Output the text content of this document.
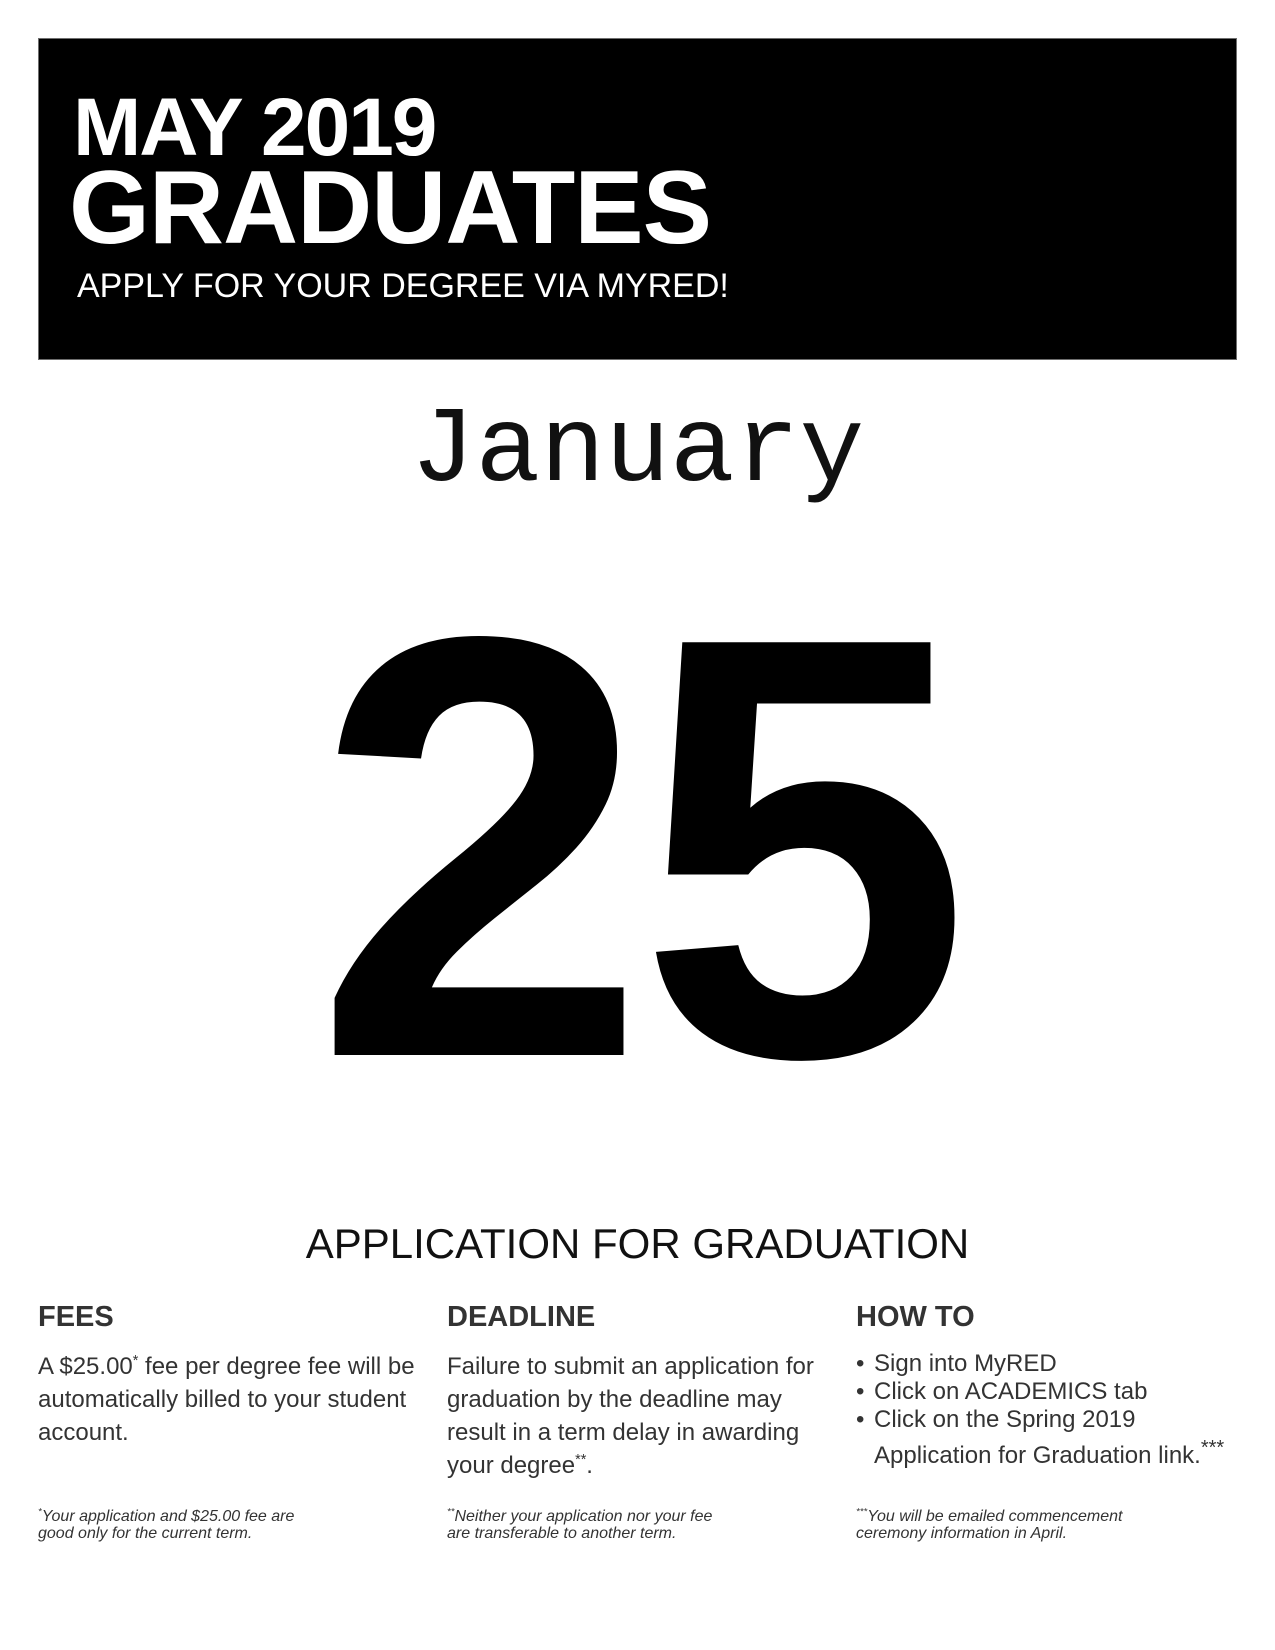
MAY 2019
GRADUATES
APPLY FOR YOUR DEGREE VIA MYRED!
January
25
APPLICATION FOR GRADUATION
FEES
A $25.00* fee per degree fee will be automatically billed to your student account.
DEADLINE
Failure to submit an application for graduation by the deadline may result in a term delay in awarding your degree**.
HOW TO
• Sign into MyRED
• Click on ACADEMICS tab
• Click on the Spring 2019 Application for Graduation link.***
*Your application and $25.00 fee are good only for the current term.
**Neither your application nor your fee are transferable to another term.
***You will be emailed commencement ceremony information in April.
